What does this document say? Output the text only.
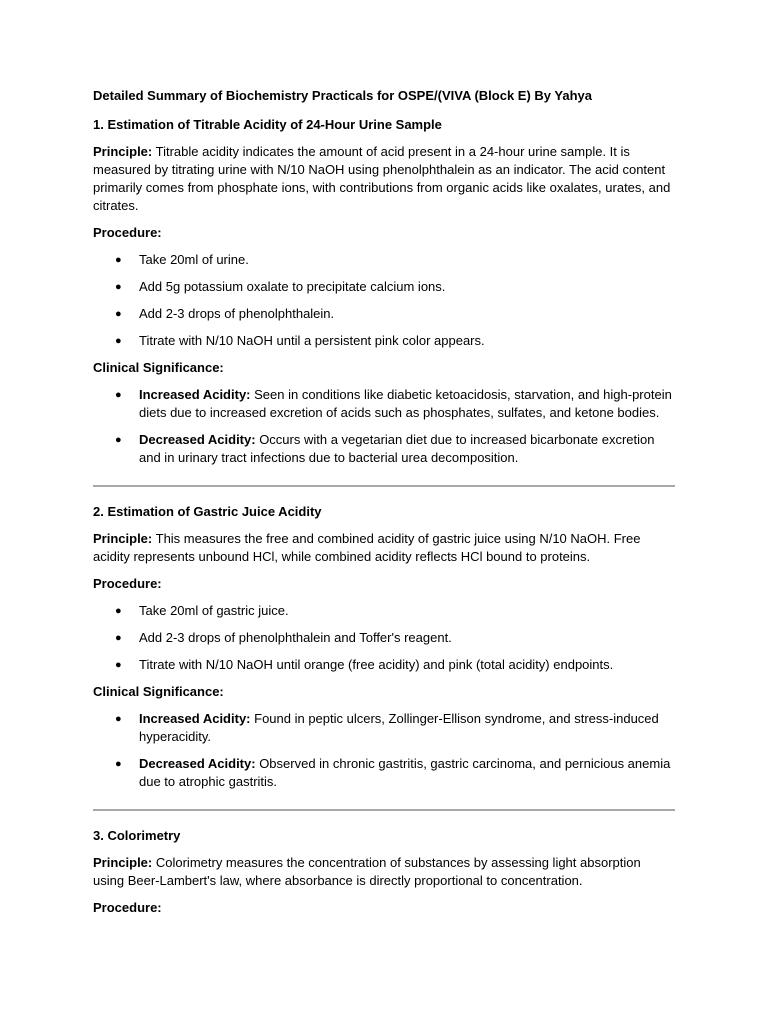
Detailed Summary of Biochemistry Practicals for OSPE/(VIVA (Block E) By Yahya
1. Estimation of Titrable Acidity of 24-Hour Urine Sample
Principle: Titrable acidity indicates the amount of acid present in a 24-hour urine sample. It is measured by titrating urine with N/10 NaOH using phenolphthalein as an indicator. The acid content primarily comes from phosphate ions, with contributions from organic acids like oxalates, urates, and citrates.
Procedure:
● Take 20ml of urine.
● Add 5g potassium oxalate to precipitate calcium ions.
● Add 2-3 drops of phenolphthalein.
● Titrate with N/10 NaOH until a persistent pink color appears.
Clinical Significance:
● Increased Acidity: Seen in conditions like diabetic ketoacidosis, starvation, and high-protein diets due to increased excretion of acids such as phosphates, sulfates, and ketone bodies.
● Decreased Acidity: Occurs with a vegetarian diet due to increased bicarbonate excretion and in urinary tract infections due to bacterial urea decomposition.
2. Estimation of Gastric Juice Acidity
Principle: This measures the free and combined acidity of gastric juice using N/10 NaOH. Free acidity represents unbound HCl, while combined acidity reflects HCl bound to proteins.
Procedure:
● Take 20ml of gastric juice.
● Add 2-3 drops of phenolphthalein and Toffer's reagent.
● Titrate with N/10 NaOH until orange (free acidity) and pink (total acidity) endpoints.
Clinical Significance:
● Increased Acidity: Found in peptic ulcers, Zollinger-Ellison syndrome, and stress-induced hyperacidity.
● Decreased Acidity: Observed in chronic gastritis, gastric carcinoma, and pernicious anemia due to atrophic gastritis.
3. Colorimetry
Principle: Colorimetry measures the concentration of substances by assessing light absorption using Beer-Lambert's law, where absorbance is directly proportional to concentration.
Procedure:
